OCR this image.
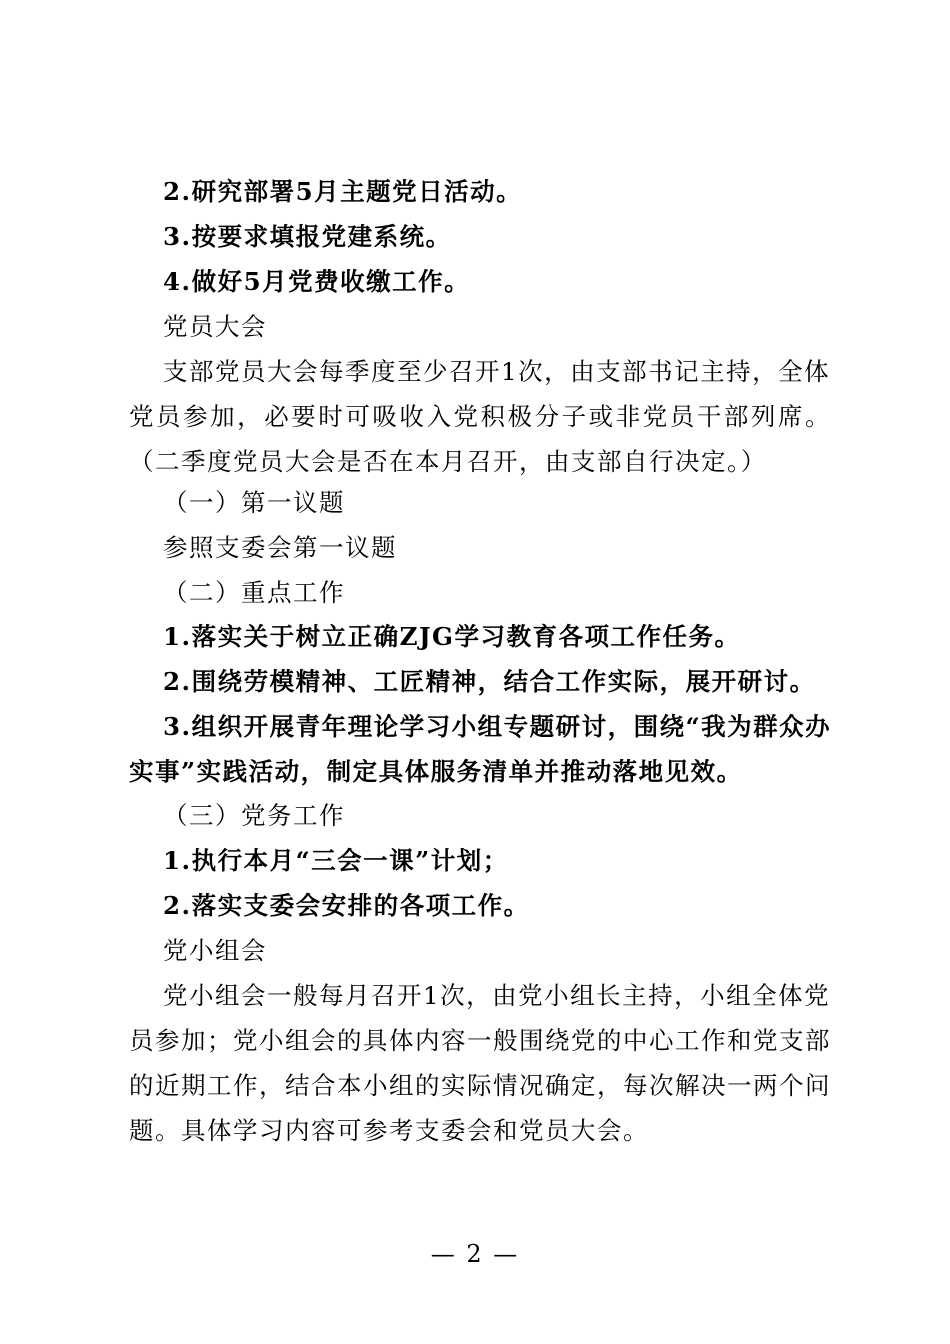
2.研究部署5月主题党日活动。
3.按要求填报党建系统。
4.做好5月党费收缴工作。
党员大会
支部党员大会每季度至少召开1次，由支部书记主持，全体
党员参加，必要时可吸收入党积极分子或非党员干部列席。
（二季度党员大会是否在本月召开，由支部自行决定。）
（一）第一议题
参照支委会第一议题
（二）重点工作
1.落实关于树立正确ZJG学习教育各项工作任务。
2.围绕劳模精神、工匠精神，结合工作实际，展开研讨。
3.组织开展青年理论学习小组专题研讨，围绕“我为群众办
实事”实践活动，制定具体服务清单并推动落地见效。
（三）党务工作
1.执行本月“三会一课”计划；
2.落实支委会安排的各项工作。
党小组会
党小组会一般每月召开1次，由党小组长主持，小组全体党
员参加；党小组会的具体内容一般围绕党的中心工作和党支部
的近期工作，结合本小组的实际情况确定，每次解决一两个问
题。具体学习内容可参考支委会和党员大会。
— 2 —
